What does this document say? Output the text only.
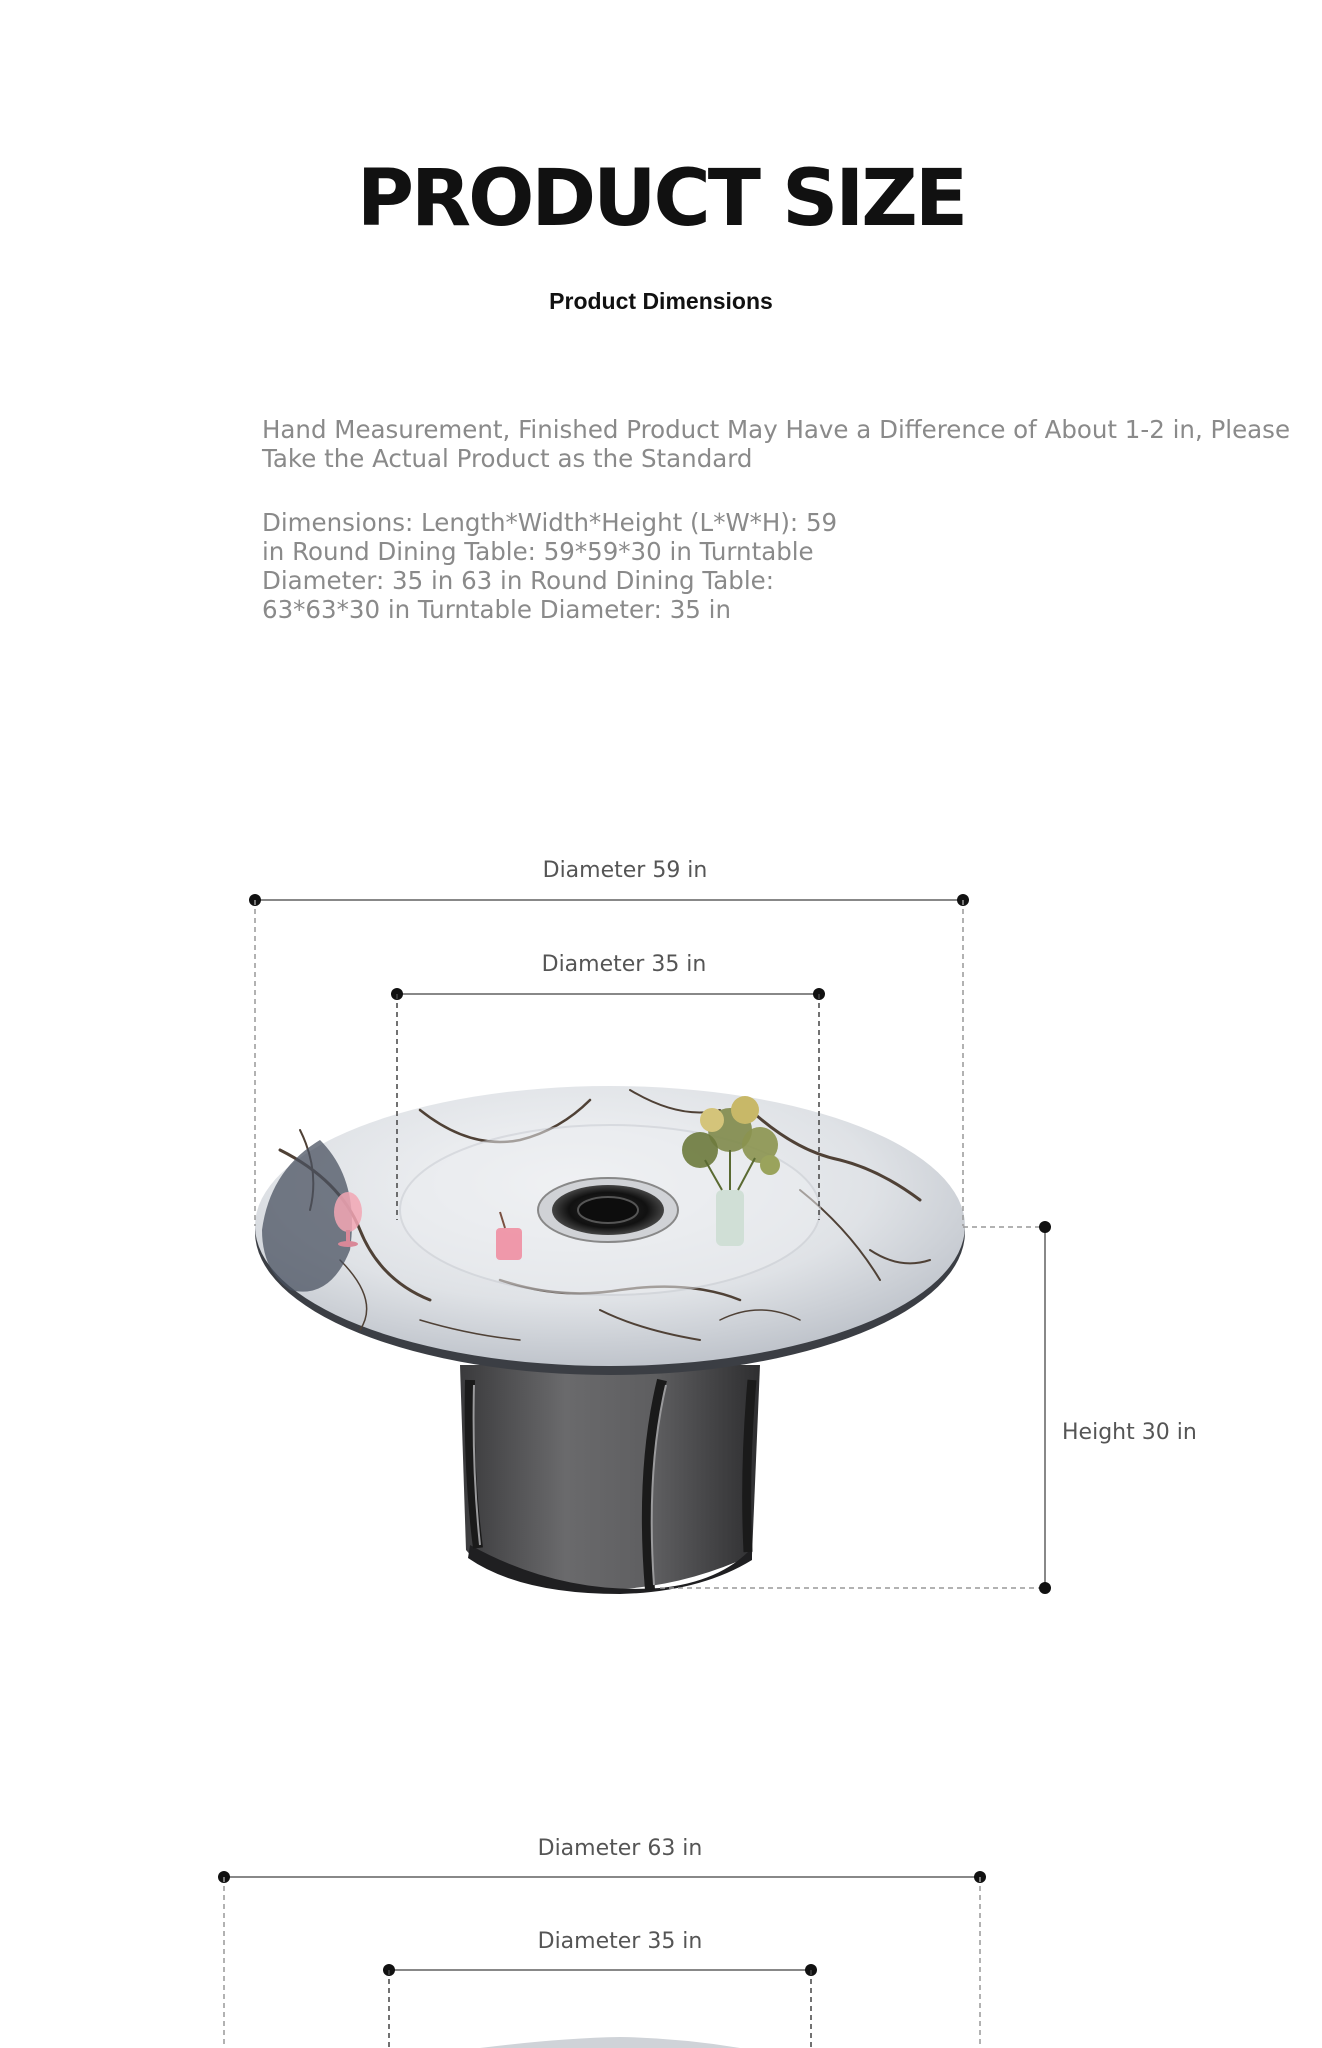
PRODUCT SIZE
Product Dimensions

Hand Measurement, Finished Product May Have a Difference of About 1-2 in, Please Take the Actual Product as the Standard

Dimensions: Length*Width*Height (L*W*H): 59 in Round Dining Table: 59*59*30 in Turntable Diameter: 35 in 63 in Round Dining Table: 63*63*30 in Turntable Diameter: 35 in

Diameter 59 in
Diameter 35 in
Height 30 in
Diameter 63 in
Diameter 35 in
